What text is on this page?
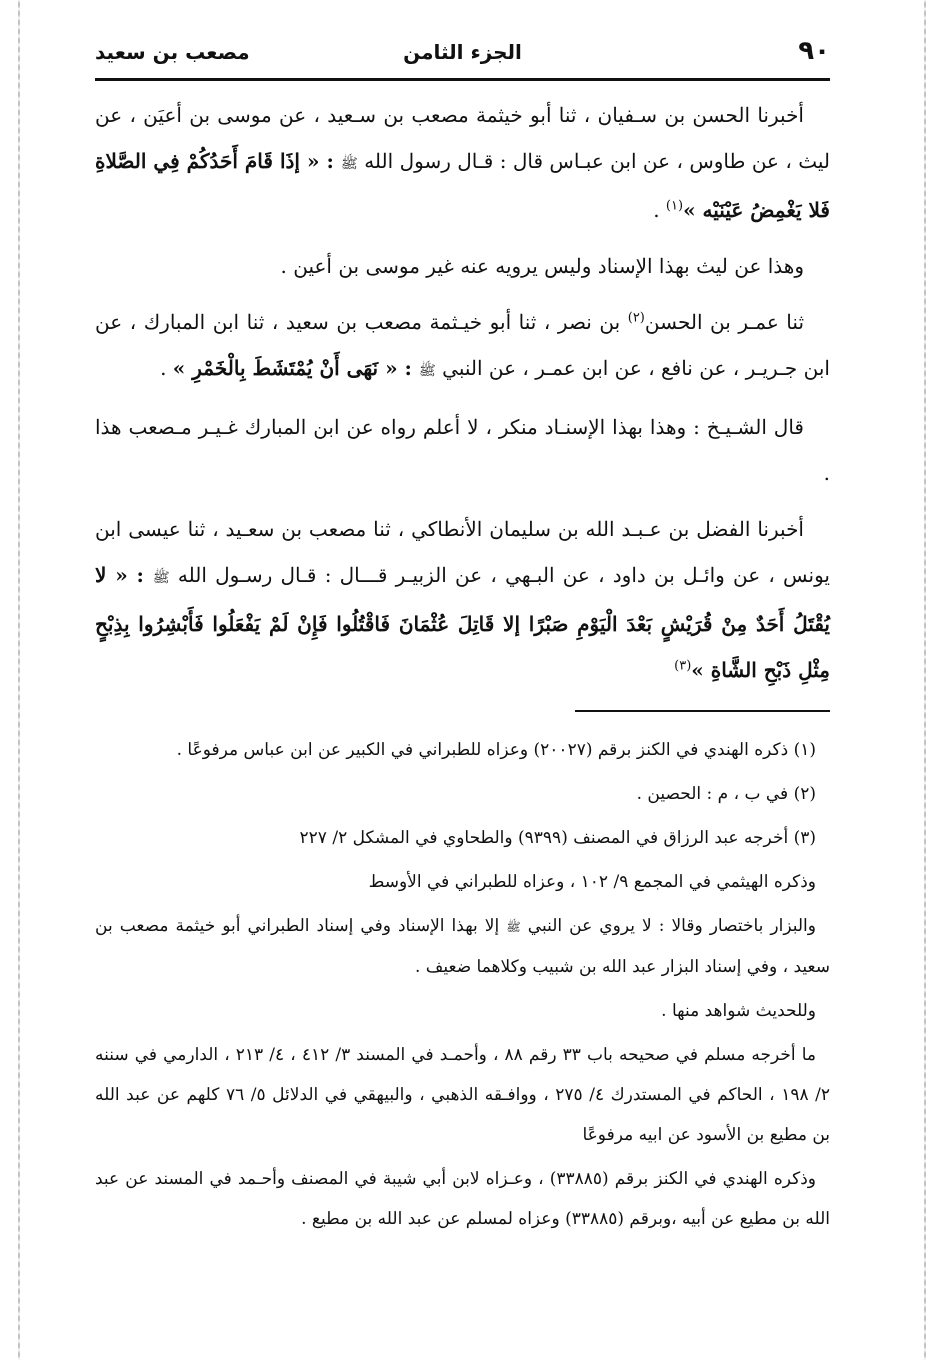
٩٠
الجزء الثامن
مصعب بن سعيد

أخبرنا الحسن بن سـفيان ، ثنا أبو خيثمة مصعب بن سـعيد ، عن موسى بن أعيَن ، عن ليث ، عن طاوس ، عن ابن عبـاس قال : قـال رسول الله ﷺ : « إذَا قَامَ أَحَدُكُمْ فِي الصَّلاةِ فَلا يَغْمِضُ عَيْنَيْه »$^{(١)}$ .

وهذا عن ليث بهذا الإسناد وليس يرويه عنه غير موسى بن أعين .

ثنا عمـر بن الحسن$^{(٢)}$ بن نصر ، ثنا أبو خيـثمة مصعب بن سعيد ، ثنا ابن المبارك ، عن ابن جـريـر ، عن نافع ، عن ابن عمـر ، عن النبي ﷺ : « نَهَى أَنْ يُمْتَشَطَ بِالْخَمْرِ » .

قال الشـيـخ : وهذا بهذا الإسنـاد منكر ، لا أعلم رواه عن ابن المبارك غـيـر مـصعب هذا .

أخبرنا الفضل بن عـبـد الله بن سليمان الأنطاكي ، ثنا مصعب بن سعـيد ، ثنا عيسى ابن يونس ، عن وائـل بن داود ، عن البـهي ، عن الزبيـر قـــال : قـال رسـول الله ﷺ : « لا يُقْتَلُ أَحَدٌ مِنْ قُرَيْشٍ بَعْدَ الْيَوْمِ صَبْرًا إلا قَاتِلَ عُثْمَانَ فَاقْتُلُوا فَإِنْ لَمْ يَفْعَلُوا فَأَبْشِرُوا بِذِبْحٍ مِثْلِ ذَبْحِ الشَّاةِ »$^{(٣)}$

(١) ذكره الهندي في الكنز برقم (٢٠٠٢٧) وعزاه للطبراني في الكبير عن ابن عباس مرفوعًا .

(٢) في ب ، م : الحصين .

(٣) أخرجه عبد الرزاق في المصنف (٩٣٩٩) والطحاوي في المشكل ٢/ ٢٢٧

وذكره الهيثمي في المجمع ٩/ ١٠٢ ، وعزاه للطبراني في الأوسط

والبزار باختصار وقالا : لا يروي عن النبي ﷺ إلا بهذا الإسناد وفي إسناد الطبراني أبو خيثمة مصعب بن سعيد ، وفي إسناد البزار عبد الله بن شبيب وكلاهما ضعيف .

وللحديث شواهد منها .

ما أخرجه مسلم في صحيحه باب ٣٣ رقم ٨٨ ، وأحمـد في المسند ٣/ ٤١٢ ، ٤/ ٢١٣ ، الدارمي في سننه ٢/ ١٩٨ ، الحاكم في المستدرك ٤/ ٢٧٥ ، ووافـقه الذهبي ، والبيهقي في الدلائل ٥/ ٧٦ كلهم عن عبد الله بن مطيع بن الأسود عن ابيه مرفوعًا

وذكره الهندي في الكنز برقم (٣٣٨٨٥) ، وعـزاه لابن أبي شيبة في المصنف وأحـمد في المسند عن عبد الله بن مطيع عن أبيه ،وبرقم (٣٣٨٨٥) وعزاه لمسلم عن عبد الله بن مطيع .
